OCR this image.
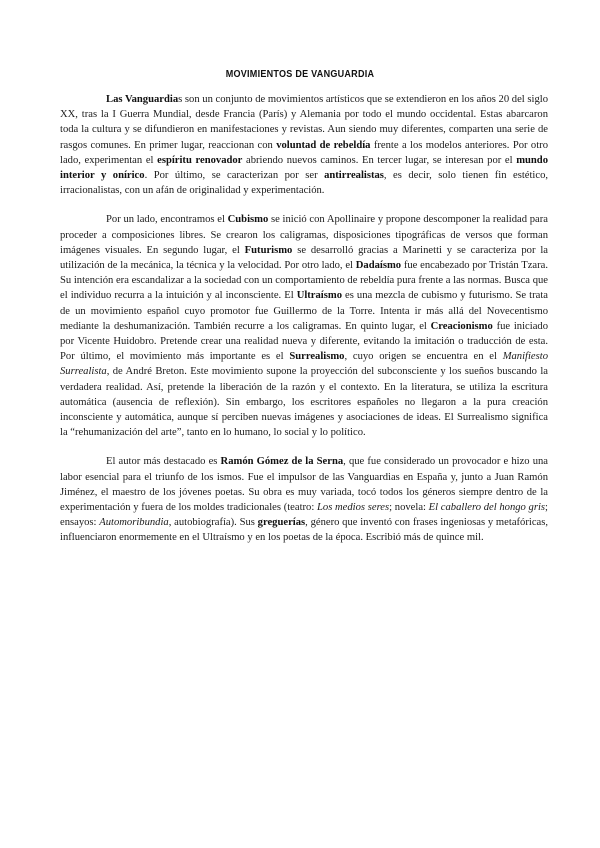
MOVIMIENTOS DE VANGUARDIA

Las Vanguardias son un conjunto de movimientos artísticos que se extendieron en los años 20 del siglo XX, tras la I Guerra Mundial, desde Francia (París) y Alemania por todo el mundo occidental. Estas abarcaron toda la cultura y se difundieron en manifestaciones y revistas. Aun siendo muy diferentes, comparten una serie de rasgos comunes. En primer lugar, reaccionan con voluntad de rebeldía frente a los modelos anteriores. Por otro lado, experimentan el espíritu renovador abriendo nuevos caminos. En tercer lugar, se interesan por el mundo interior y onírico. Por último, se caracterizan por ser antirrealistas, es decir, solo tienen fin estético, irracionalistas, con un afán de originalidad y experimentación.

Por un lado, encontramos el Cubismo se inició con Apollinaire y propone descomponer la realidad para proceder a composiciones libres. Se crearon los caligramas, disposiciones tipográficas de versos que forman imágenes visuales. En segundo lugar, el Futurismo se desarrolló gracias a Marinetti y se caracteriza por la utilización de la mecánica, la técnica y la velocidad. Por otro lado, el Dadaísmo fue encabezado por Tristán Tzara. Su intención era escandalizar a la sociedad con un comportamiento de rebeldía pura frente a las normas. Busca que el individuo recurra a la intuición y al inconsciente. El Ultraísmo es una mezcla de cubismo y futurismo. Se trata de un movimiento español cuyo promotor fue Guillermo de la Torre. Intenta ir más allá del Novecentismo mediante la deshumanización. También recurre a los caligramas. En quinto lugar, el Creacionismo fue iniciado por Vicente Huidobro. Pretende crear una realidad nueva y diferente, evitando la imitación o traducción de esta. Por último, el movimiento más importante es el Surrealismo, cuyo origen se encuentra en el Manifiesto Surrealista, de André Breton. Este movimiento supone la proyección del subconsciente y los sueños buscando la verdadera realidad. Así, pretende la liberación de la razón y el contexto. En la literatura, se utiliza la escritura automática (ausencia de reflexión). Sin embargo, los escritores españoles no llegaron a la pura creación inconsciente y automática, aunque sí perciben nuevas imágenes y asociaciones de ideas. El Surrealismo significa la “rehumanización del arte”, tanto en lo humano, lo social y lo político.

El autor más destacado es Ramón Gómez de la Serna, que fue considerado un provocador e hizo una labor esencial para el triunfo de los ismos. Fue el impulsor de las Vanguardias en España y, junto a Juan Ramón Jiménez, el maestro de los jóvenes poetas. Su obra es muy variada, tocó todos los géneros siempre dentro de la experimentación y fuera de los moldes tradicionales (teatro: Los medios seres; novela: El caballero del hongo gris; ensayos: Automoribundia, autobiografía). Sus greguerías, género que inventó con frases ingeniosas y metafóricas, influenciaron enormemente en el Ultraísmo y en los poetas de la época. Escribió más de quince mil.
